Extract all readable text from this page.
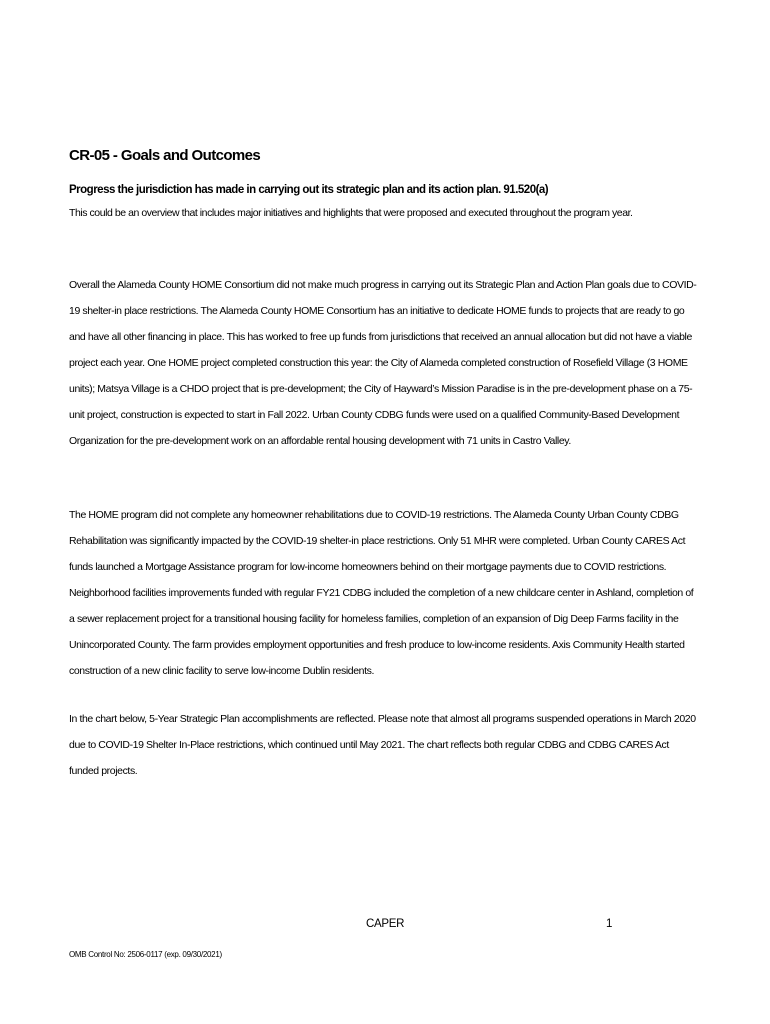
CR-05 - Goals and Outcomes

Progress the jurisdiction has made in carrying out its strategic plan and its action plan. 91.520(a)

This could be an overview that includes major initiatives and highlights that were proposed and executed throughout the program year.

Overall the Alameda County HOME Consortium did not make much progress in carrying out its Strategic Plan and Action Plan goals due to COVID-19 shelter-in place restrictions. The Alameda County HOME Consortium has an initiative to dedicate HOME funds to projects that are ready to go and have all other financing in place. This has worked to free up funds from jurisdictions that received an annual allocation but did not have a viable project each year. One HOME project completed construction this year: the City of Alameda completed construction of Rosefield Village (3 HOME units); Matsya Village is a CHDO project that is pre-development; the City of Hayward’s Mission Paradise is in the pre-development phase on a 75-unit project, construction is expected to start in Fall 2022. Urban County CDBG funds were used on a qualified Community-Based Development Organization for the pre-development work on an affordable rental housing development with 71 units in Castro Valley.

The HOME program did not complete any homeowner rehabilitations due to COVID-19 restrictions. The Alameda County Urban County CDBG Rehabilitation was significantly impacted by the COVID-19 shelter-in place restrictions. Only 51 MHR were completed. Urban County CARES Act funds launched a Mortgage Assistance program for low-income homeowners behind on their mortgage payments due to COVID restrictions. Neighborhood facilities improvements funded with regular FY21 CDBG included the completion of a new childcare center in Ashland, completion of a sewer replacement project for a transitional housing facility for homeless families, completion of an expansion of Dig Deep Farms facility in the Unincorporated County. The farm provides employment opportunities and fresh produce to low-income residents. Axis Community Health started construction of a new clinic facility to serve low-income Dublin residents.

In the chart below, 5-Year Strategic Plan accomplishments are reflected. Please note that almost all programs suspended operations in March 2020 due to COVID-19 Shelter In-Place restrictions, which continued until May 2021. The chart reflects both regular CDBG and CDBG CARES Act funded projects.

CAPER	1
OMB Control No: 2506-0117 (exp. 09/30/2021)
